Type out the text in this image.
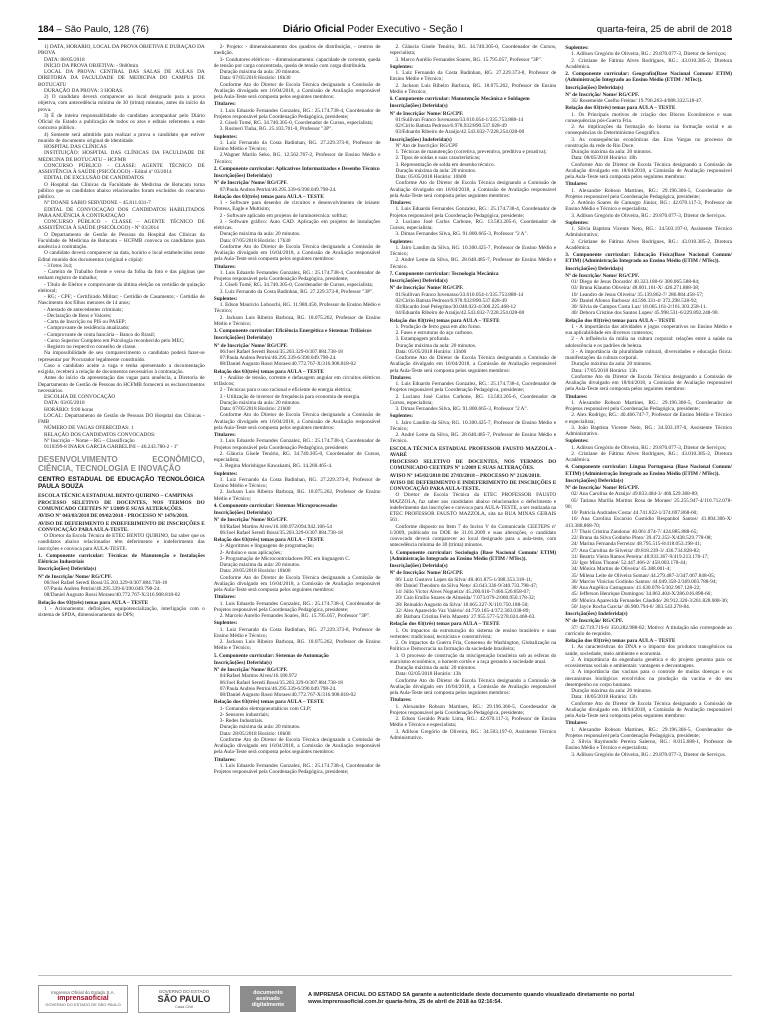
184 – São Paulo, 128 (76)	Diário Oficial Poder Executivo - Seção I	quarta-feira, 25 de abril de 2018

1) DATA, HORÁRIO, LOCAL DA PROVA OBJETIVA E DURAÇÃO DA PROVA

DATA: 08/05/2018

INÍCIO DA PROVA OBJETIVA: - 9h00min

LOCAL DA PROVA: CENTRAL DAS SALAS DE AULAS DA DIRETORIA DA FACULDADE DE MEDICINA DO CAMPUS DE BOTUCATU

DURAÇÃO DA PROVA: 3 HORAS.

2) O candidato deverá comparecer ao local designado para a prova objetiva, com antecedência mínima de 30 (trinta) minutos, antes do início da prova.

3) É de inteira responsabilidade do candidato acompanhar pelo Diário Oficial do Estado a publicação de todos os atos e editais referentes a este concurso público.

4) Somente será admitido para realizar a prova o candidato que estiver munido de documento original de identidade.

HOSPITAL DAS CLÍNICAS

INSTITUIÇÃO: HOSPITAL DAS CLÍNICAS DA FACULDADE DE MEDICINA DE BOTUCATU – HCFMB

CONCURSO PÚBLICO - CLASSE: AGENTE TÉCNICO DE ASSISTÊNCIA À SAÚDE (PSICÓLOGO) - Edital nº 03/2014

EDITAL DE EXCLUSÃO DE CANDIDATOS

O Hospital das Clínicas da Faculdade de Medicina de Botucatu torna público que os candidatos abaixo relacionados foram excluídos do concurso público.

Nº DOANE SABIO SERVIDONE – 45.811.031-7

EDITAL DE CONVOCAÇÃO DOS CANDIDATOS HABILITADOS PARA ANUÊNCIA À CONTRATAÇÃO

CONCURSO PÚBLICO - CLASSE – AGENTE TÉCNICO DE ASSISTÊNCIA À SAÚDE (PSICÓLOGO) - Nº 03/2014

O Departamento de Gestão de Pessoas do Hospital das Clínicas da Faculdade de Medicina de Botucatu – HCFMB convoca os candidatos para anuência à contratação.

O candidato deverá comparecer na data, horário e local estabelecidos neste Edital munido dos documentos (original e cópia):

- 3 fotos 3x4;

- Carteira de Trabalho frente e verso da folha da foto e das páginas que tenham registro de trabalho;

- Título de Eleitor e comprovante da última eleição ou certidão de quitação eleitoral;

- RG; - CPF; - Certificado Militar; - Certidão de Casamento; - Certidão de Nascimento dos filhos menores de 14 anos;

- Atestado de antecedentes criminais;

- Declaração de Bens e Valores;

- Carta de Inscrição no PIS ou PASEP;

- Comprovante de residência atualizado;

- Comprovante de conta bancária – Banco do Brasil;

- Curso Superior Completo em Psicologia reconhecido pelo MEC;

- Registro no respectivo conselho de classe.

Na impossibilidade de seu comparecimento o candidato poderá fazer-se representar por Procurador legalmente constituído.

Caso o candidato aceite a vaga e tenha apresentado a documentação exigida, receberá a relação de documentos necessários à contratação.

Antes do início da apresentação das vagas para anuência, a Diretoria de Departamento de Gestão de Pessoas do HCFMB fornecerá os esclarecimentos necessários.

ESCOLHA DE CONVOCAÇÃO

DATA: 03/05/2018

HORÁRIO: 9:00 horas

LOCAL: Departamento de Gestão de Pessoas DO Hospital das Clínicas - FMB

NÚMERO DE VAGAS OFERECIDAS: 1

RELAÇÃO DOS CANDIDATOS CONVOCADOS:

Nº Inscrição – Nome – RG – Classificação

0110399-8 INARA GARCIA GARBELINI – 46.243.780-2 - 1º

DESENVOLVIMENTO ECONÔMICO, CIÊNCIA, TECNOLOGIA E INOVAÇÃO
CENTRO ESTADUAL DE EDUCAÇÃO TECNOLÓGICA PAULA SOUZA

ESCOLA TÉCNICA ESTADUAL BENTO QUIRINO – CAMPINAS

PROCESSO SELETIVO DE DOCENTES, NOS TERMOS DO COMUNICADO CEETEPS Nº 1/2009 E SUAS ALTERAÇÕES.

AVISO Nº 043/03/2018 DE 09/02/2018 - PROCESSO Nº 1476/2018.

AVISO DE DEFERIMENTO E INDEFERIMENTO DE INSCRIÇÕES E CONVOCAÇÃO PARA AULA-TESTE.

O Diretor da Escola Técnica de ETEC BENTO QUIRINO, faz saber que os candidatos abaixo relacionados têm deferimento e indeferimento das inscrições e convoca para AULA-TESTE.

1. Componente curricular: Técnicas de Manutenção e Instalações Elétricas Industriais

Inscrição(ões) Deferida(s)

Nº de Inscrição/ Nome/ RG/CPF.

06/Joel Rafael Seredi Bossi/35.203.329-0/307.884.738-18

07/Paula Andrea Petrini/46.295.339-6/390.049.798-24.

08/Daniel Augusto Rossi Moraes/40.772.767-X/316.908.818-02

Relação dos 03(três) temas para AULA – TESTE

1 - Acionamento: definições, equipotencialização, interligação com o sistema de SPDA, dimensionamento de DPS;

2- Projeto: - dimensionamento dos quadros de distribuição, - centros de medição.

3- Condutores elétricos: - dimensionamento: capacidade de corrente, queda de tensão por carga concentrada, queda de tensão com carga distribuída.

Duração máxima da aula: 20 minutos.

Data: 07/05/2018 Horário: 18h30

Conforme Ato do Diretor de Escola Técnica designando a Comissão de Avaliação divulgado em 16/04/2018, a Comissão de Avaliação responsável pela Aula-Teste será composta pelos seguintes membros:

Titulares:

1. Luis Eduardo Fernandes Gonzalez, RG.: 25.174.738-4, Coordenador de Projetos responsável pela Coordenação Pedagógica, presidente;

2. Giseli Tomé, RG. 34.740.305-0, Coordenador de Cursos, especialista;

3. Rosineri Tiuba, RG. 25.103.701-0, Professor "3P".

Suplentes:

1. Luiz Fernando da Costa Badinhan, RG. 27.229.373-8, Professor de Ensino Médio e Técnico;

2.Wagner Marilo Seko, RG. 12.562.767-2, Professor de Ensino Médio e Técnico;

2. Componente curricular: Aplicativos Informatizados e Desenho Técnico

Inscrição(ões) Deferida(s)

Nº de Inscrição/ Nome/ RG/CPF.

07/Paula Andrea Petrini/46.295.339-6/390.049.798-24.

Relação dos 03(três) temas para AULA – TESTE

1 - Software para desenho de circuitos e desenvolvimento de leiaute: Proteus, Eagle e Multisim;

2 - Software aplicado em projetos de luminotécnica: softluz;

3 - Software gráfico: Auto CAD. Aplicação em projetos de instalações elétricas.

Duração máxima da aula: 20 minutos.

Data: 07/05/2018 Horário: 17h30

Conforme Ato do Diretor de Escola Técnica designando a Comissão de Avaliação divulgado em 16/04/2018, a Comissão de Avaliação responsável pela Aula-Teste será composta pelos seguintes membros:

Titulares:

1. Luis Eduardo Fernandes Gonzalez, RG.: 25.174.738-4, Coordenador de Projetos responsável pela Coordenação Pedagógica, presidente;

2. Giseli Tomé, RG. 34.740.305-0, Coordenador de Cursos, especialista;

3. Luiz Fernando da Costa Badinhan, RG. 27.229.373-8, Professor "3P".

Suplentes:

1. Edson Maurício Loboschi, RG. 11.980.450, Professor de Ensino Médio e Técnico;

2. Jackson Luis Ribeiro Barboza, RG. 18.075.262, Professor de Ensino Médio e Técnico;

3. Componente curricular: Eficiência Energética e Sistemas Trifásicos

Inscrição(ões) Deferida(s)

Nº de Inscrição/ Nome/ RG/CPF.

06/Joel Rafael Seredi Bossi/35.203.329-0/307.884.738-18

07/Paula Andrea Petrini/46.295.339-6/390.049.798-24.

08/Daniel Augusto Rossi Moraes/40.772.767-X/316.908.818-02

Relação dos 03(três) temas para AULA – TESTE

1 - Análise de tensão, corrente e defasagem angular em circuitos elétricos trifásicos;

2 - Técnicas para o uso racional e eficiente de energia elétrica;

3 - Utilização de inversor de frequência para economia de energia.

Duração máxima da aula: 20 minutos.

Data: 07/05/2018 Horário: 21h00

Conforme Ato do Diretor de Escola Técnica designando a Comissão de Avaliação divulgado em 16/04/2018, a Comissão de Avaliação responsável pela Aula-Teste será composta pelos seguintes membros:

Titulares:

1. Luis Eduardo Fernandes Gonzalez, RG.: 25.174.738-4, Coordenador de Projetos responsável pela Coordenação Pedagógica, presidente;

2. Gláucia Gisele Tenório, RG. 34.740.305-0, Coordenador de Cursos, especialista;

3. Regina Morishigue Kawakami, RG. 14.260.465-4.

Suplentes:

1. Luiz Fernando da Costa Badinhan, RG. 27.229.373-8, Professor de Ensino Médio e Técnico;

2. Jackson Luis Ribeiro Barboza, RG. 18.075.262, Professor de Ensino Médio e Técnico;

4. Componente curricular: Sistemas Microprocessados

Inscrição(ões) Deferida(s)

Nº de Inscrição/ Nome/ RG/CPF.

04/Rafael Martins Alves/16.180.972/094.942.106-54

06/Joel Rafael Seredi Bossi/35.203.329-0/307.884.738-18

Relação dos 03(três) temas para AULA – TESTE

1- Algoritmos e linguagens de programação;

2- Arduino e suas aplicações;

3- Programação de Microcontroladores PIC em linguagem C.

Duração máxima da aula: 20 minutos.

Data: 28/05/2018 Horário: 18h00

Conforme Ato do Diretor de Escola Técnica designando a Comissão de Avaliação divulgado em 16/04/2018, a Comissão de Avaliação responsável pela Aula-Teste será composta pelos seguintes membros:

Titulares:

1. Luis Eduardo Fernandes Gonzalez, RG.: 25.174.738-4, Coordenador de Projetos responsável pela Coordenação Pedagógica, presidente;

2. Marcelo Aurelio Fernandes Soares, RG. 15.795.057, Professor "3P".

Suplentes:

1. Luiz Fernando da Costa Badinhan, RG. 27.229.373-8, Professor de Ensino Médio e Técnico;

2. Jackson Luis Ribeiro Barboza, RG. 18.075.262, Professor de Ensino Médio e Técnico;

5. Componente curricular: Sistemas de Automação

Inscrição(ões) Deferida(s)

Nº de Inscrição/ Nome/ RG/CPF.

04/Rafael Martins Alves/16.180.972

06/Joel Rafael Seredi Bossi/35.203.329-0/307.884.738-18

07/Paula Andrea Petrini/46.295.339-6/390.049.798-24.

08/Daniel Augusto Rossi Moraes/40.772.767-X/316.908.818-02

Relação dos 03(três) temas para AULA – TESTE

1- Comandos eletropneumáticos com CLP;

2- Sensores industriais;

3- Redes Industriais.

Duração máxima da aula: 20 minutos.

Data: 28/05/2018 Horário: 18h00

Conforme Ato do Diretor de Escola Técnica designando a Comissão de Avaliação divulgado em 16/04/2018, a Comissão de Avaliação responsável pela Aula-Teste será composta pelos seguintes membros:

Titulares:

1. Luis Eduardo Fernandes Gonzalez, RG.: 25.174.738-4, Coordenador de Projetos responsável pela Coordenação Pedagógica, presidente;

2. Gláucia Gisele Tenório, RG. 34.740.305-0, Coordenador de Cursos, especialista;

3. Marco Aurélio Fernandes Soares, RG. 15.795.057, Professor "3P".

Suplentes:

1. Luiz Fernando da Costa Badinhan, RG. 27.229.373-8, Professor de Ensino Médio e Técnico;

2. Jackson Luis Ribeiro Barboza, RG. 18.075.262, Professor de Ensino Médio e Técnico;

6. Componente curricular: Manutenção Mecânica e Soldagem

Inscrição(ões) Deferida(s)

Nº de Inscrição/ Nome/ RG/CPF.

01/Sullivan Franco Iuvenasso/33.610.054-1/335.753.888-14

02/Cirilo Batista Pedroso/6.978.932/890.537.028-49

03/Eduardo Ribeiro de Araújo/42.543.032-7/228.254.028-00

Inscrição(ões) Indeferida(s)

Nº Ato de Inscrição/ RG/CPF

1. Técnicas de manutenção (corretiva, preventiva, preditiva e proativa);

2. Tipos de soldas e suas características;

3. Representação de solda em desenho técnico.

Duração máxima da aula: 20 minutos.

Data: 05/05/2018 Horário: 10h00

Conforme Ato do Diretor de Escola Técnica designando a Comissão de Avaliação divulgado em 16/04/2018, a Comissão de Avaliação responsável pela Aula-Teste será composta pelos seguintes membros:

Titulares:

1. Luis Eduardo Fernandes Gonzalez, RG.: 25.174.738-4, Coordenador de Projetos responsável pela Coordenação Pedagógica, presidente;

2. Luciano José Carlos Carbone, RG. 13.583.205-6, Coordenador de Cursos, especialista;

3. Dimas Fernandes Silva, RG. 91.800.665-3, Professor "2 A".

Suplentes:

1. Jairo Landim da Silva, RG. 10.300.425-7, Professor de Ensino Médio e Técnico;

2. André Leme da Silva, RG. 28.648.485-7, Professor de Ensino Médio e Técnico.

7. Componente curricular: Tecnologia Mecânica

Inscrição(ões) Deferida(s)

Nº de Inscrição/ Nome/ RG/CPF.

01/Sullivan Franco Iuvenasso/33.610.054-1/335.753.888-14

02/Cirilo Batista Pedroso/6.978.932/890.537.028-49

03/Ricardo José Pelegrino/30.048.023-4/300.225.468-12

04/Eduardo Ribeiro de Araújo/42.543.032-7/228.254.028-00

Relação dos 03(três) temas para AULA – TESTE

1. Produção de ferro gusa em alto forno.

2. Fases e estruturas do aço carbono.

3. Estampagem profunda.

Duração máxima da aula: 20 minutos.

Data: 05/05/2018 Horário: 13h00

Conforme Ato do Diretor de Escola Técnica designando a Comissão de Avaliação divulgado em 16/04/2018, a Comissão de Avaliação responsável pela Aula-Teste será composta pelos seguintes membros:

Titulares:

1. Luis Eduardo Fernandes Gonzalez, RG.: 25.174.738-4, Coordenador de Projetos responsável pela Coordenação Pedagógica, presidente;

2. Luciano José Carlos Carbone, RG. 13.583.205-6, Coordenador de Cursos, especialista;

3. Dimas Fernandes Silva, RG. 91.800.665-3, Professor "2 A".

Suplentes:

1. Jairo Landim da Silva, RG. 10.300.425-7, Professor de Ensino Médio e Técnico;

2. André Leme da Silva, RG. 28.648.485-7, Professor de Ensino Médio e Técnico.

ESCOLA TÉCNICA ESTADUAL PROFESSOR FAUSTO MAZZOLA - AVARÉ

PROCESSO SELETIVO DE DOCENTES, NOS TERMOS DO COMUNICADO CEETEPS Nº 1/2009 E SUAS ALTERAÇÕES.

AVISO Nº 145/02/2018 DE 27/03/2018 – PROCESSO Nº 2126/2018.

AVISO DE DEFERIMENTO E INDEFERIMENTO DE INSCRIÇÕES E CONVOCAÇÃO PARA AULA-TESTE.

O Diretor de Escola Técnica da ETEC PROFESSOR FAUSTO MAZZOLA, faz saber aos candidatos abaixo relacionados o deferimento e indeferimento das inscrições e convoca para AULA-TESTE, a ser realizada na ETEC PROFESSOR FAUSTO MAZZOLA, sita na RUA MINAS GERAIS 561.

Conforme disposto no Item 7 do Inciso V do Comunicado CEETEPS nº 1/2009, publicado no DOE de 31.01.2009 e suas alterações, o candidato convocado deverá comparecer ao local designado para a aula-teste, com antecedência mínima de 30 (trinta) minutos.

1. Componente curricular: Sociologia (Base Nacional Comum/ ETIM) (Administração Integrado ao Ensino Médio (ETIM / MTec)).

Inscrição(ões) Deferida(s)

Nº de Inscrição/ Nome/ RG/CPF.

06/ Luiz Gustavo Lopes da Silva/ 48.461.875-1/388.353.318-11;

08/ Daniel Theodoro da Silva Neto/ 43.643.336-9/340.733.798-47;

14/ Júlio Victor Alves Nogueira/ 45.200.610-7/466.526.858-07;

20/ Caio Emílio Soares de Almeida/ 7.073.079-2/060.950.178-32;

28/ Reinaldo Augusto da Silva/ 18.665.327-X/110.750.188-50;

32/ Alex Aparecido Vaz Valério/ 44.759.165-4/372.303.038-89;

48/ Bárbara Cristina Felix Mazetti/ 27.955.577-5/278.024.468-03.

Relação dos 03(três) temas para AULA – TESTE

1. Os impactos da estruturação do sistema de ensino brasileiro e suas vertentes: tradicional, tecnicista e construtivista;

2. Os impactos da Guerra Fria, Consenso de Washington, Globalização na Política e Democracia na formação da sociedade brasileira;

3. O processo de construção da miscigenação brasileira sob as esferas do marxismo econômico, o homem cortês e a raça gerando a sociedade atual.

Duração máxima da aula: 20 minutos.

Data: 02/05/2018 Horário: 13h

Conforme Ato do Diretor de Escola Técnica designando a Comissão de Avaliação divulgado em 16/04/2018, a Comissão de Avaliação responsável pela Aula-Teste será composta pelos seguintes membros:

Titulares:

1. Alexandre Robson Martines, RG.: 29.196.366-5, Coordenador de Projetos responsável pela Coordenação Pedagógica, presidente;

2. Edson Geraldo Prado Lima, RG.: 42.670.117-3, Professor de Ensino Médio e Técnico e especialista;

3. Adilson Gregório de Oliveira, RG.: 34.503.197-0, Assistente Técnico Administrativo.

Suplentes:

1. Adilson Gregório de Oliveira, RG.: 29.870.077-3, Diretor de Serviços;

2. Cristiane de Fátima Alves Rodrigues, RG.: 43.010.385-2, Diretora Acadêmica.

2. Componente curricular: Geografia(Base Nacional Comum/ ETIM) (Administração Integrado ao Ensino Médio (ETIM / MTec)).

Inscrição(ões) Deferida(s)

Nº de Inscrição/ Nome/ RG/CPF.

35/ Rosemeide Coelho Freitas/ 19.796.263-4/088.332.518-47.

Relação dos 03(três) temas para AULA – TESTE

1. Os Principais motivos de criação dos Blocos Econômicos e suas consequências pós-Guerra Fria.

2. As implicações da formação do bioma na formação social e as consequências do Determinismo Geográfico.

3. As consequências econômicas das Eras Vargas no processo de construção da rede do Rio Doce.

Duração máxima da aula: 20 minutos.

Data: 08/05/2018 Horário: 18h

Conforme Ato do Diretor de Escola Técnica designando a Comissão de Avaliação divulgado em 18/04/2018, a Comissão de Avaliação responsável pela Aula-Teste será composta pelos seguintes membros:

Titulares:

1. Alexandre Robson Martines, RG.: 29.196.366-5, Coordenador de Projetos responsável pela Coordenação Pedagógica, presidente;

2. Antônio Soares de Camargo Júnior, RG.: 42.670.117-3, Professor de Ensino Médio e Técnico e especialista;

3. Adilson Gregório de Oliveira, RG.: 29.870.077-3, Diretor de Serviços.

Suplentes:

1. Silvia Baptista Vicente Neto, RG.: 34.503.197-0, Assistente Técnico Administrativo;

2. Cristiane de Fátima Alves Rodrigues, RG.: 43.010.385-2, Diretora Acadêmica.

3. Componente curricular: Educação Física(Base Nacional Comum/ ETIM) (Administração Integrado ao Ensino Médio (ETIM / MTec)).

Inscrição(ões) Deferida(s)

Nº de Inscrição/ Nome/ RG/CPF.

01/ Diego de Jesus Docardo/ 40.323.180-6/ 380.065.588-84;

03/ Bruna Klaumn Oliveira/ 48.001.161-X/ 426.271.888-38;

10/ Leandro de Jesus Oliveira/ 35.139.862-7/ 286.884.458-57;

26/ Daniel Afonso Barbosa/ 44.596.331-4/ 372.298.538-92;

30/ Silvia de Campos Costa Luz/ 18.065.161-2/161.303.258-11.

40/ Debora Cristine dos Santos Lopes/ 45.998.531-6/229.892.248-90.

Relação dos 03(três) temas para AULA – TESTE

1 - A importância das atividades e jogos cooperativos no Ensino Médio e sua aplicabilidade em diversos contextos;

2 - A influência da mídia na cultura corporal: relações entre a saúde na adolescência e os padrões de beleza.

3 - A importância da pluralidade cultural, diversidades e educação física: manifestações da cultura corporal.

Duração máxima da aula: 20 minutos.

Data: 17/05/2018 Horário: 13h

Conforme Ato do Diretor de Escola Técnica designando a Comissão de Avaliação divulgado em 18/04/2018, a Comissão de Avaliação responsável pela Aula-Teste será composta pelos seguintes membros:

Titulares:

1. Alexandre Robson Martines, RG.: 29.196.366-5, Coordenador de Projetos responsável pela Coordenação Pedagógica, presidente;

2. Alex Rodrigo, RG.: 40.466.747-7, Professor de Ensino Médio e Técnico e especialista;

3. João Baptista Vicente Neto, RG.: 34.503.197-0, Assistente Técnico Administrativo.

Suplentes:

1. Adilson Gregório de Oliveira, RG.: 29.870.077-3, Diretor de Serviços;

2. Cristiane de Fátima Alves Rodrigues, RG.: 43.010.385-2, Diretora Acadêmica.

4. Componente curricular: Língua Portuguesa (Base Nacional Comum/ ETIM) (Administração Integrado ao Ensino Médio (ETIM / MTec)).

Inscrição(ões) Deferida(s)

Nº de Inscrição/ Nome/ RG/CPF.

02/ Ana Carolina de Araújo/ 49.833.484-3/ 460.529.368-89;

05/ Tatiana Marília Martins Rosa de Moraes/ 25.255.947-4/110.712.078-90;

10/ Patricia Andrades Costa/ 44.741.822-1/374.697.868-60;

16/ Ana Carolina Escarsio Custódio Respanhol Santos/ 41.804.306-X/ 413.388.868-70;

17/ Thais Cristina Zandona/ 40.061.074-7/ 424.885.888-65;

22/ Bruna da Silva Godinho Pinto/ 39.472.352-X/438.529.778-08;

24/ Marina Fernanda Ferreira/ 48.795.515-8/418.053.198-41;

27/ Ana Carolina de Silveira/ 49.818.239-3/ 436.734.828-82;

31/ Beatriz Vieira Ramos Pereira/ 48.933.367-9/419.213.178-17;

33/ Igor Miras Thomé/ 52.447.466-2/ 458.003.178-44;

34/ Mônica Martins de Oliveira/ 45.388.001-4;

35/ Milena Leite de Oliveira Soman/ 44.279.487-3/347.067.848-05;

36/ Marcos Vinicius Godinho Santos/ 44.049.358-2/369.003.788-94;

38/ Ana Angélica Castagnaro/ 41.630.078-5/302.967.128-22;

45/ Jefferson Henrique Domingos/ 34.863.404-X/286.016.898-66;

49/ Mônica Aparecida Fernandes Cândido/ 28.912.320-3/261.828.008-36;

50/ Jayce Rocha Garcia/ 46.900.794-6/ 383.543.278-84.

Inscrição(ões) Indeferida(s)

Nº de Inscrição/ RG/CPF.

37/ 42.719.719-6/ 350.282.988-82; Motivo: A titulação não corresponde ao currículo de requisito.

Relação dos 03(três) temas para AULA – TESTE

1. As características do DNA e o impacto dos produtos transgênicos na saúde, sociedade, meio ambiente e economia.

2. A importância da engenharia genética e do projeto genoma para os ecossistemas sociais e ambientais: vantagens e desvantagens.

3. A importância das vacinas para o controle de muitas doenças e os mecanismos biológicos envolvidos na produção da vacina e do seu desempenho no corpo humano.

Duração máxima da aula: 20 minutos.

Data: 18/05/2018 Horário: 13h

Conforme Ato do Diretor de Escola Técnica designando a Comissão de Avaliação divulgado em 18/04/2018, a Comissão de Avaliação responsável pela Aula-Teste será composta pelos seguintes membros:

Titulares:

1. Alexandre Robson Martines, RG.: 29.196.366-5, Coordenador de Projetos responsável pela Coordenação Pedagógica, presidente;

2. Sílvia Raymundo Pereira Salerno, RG.: 8.015.688-1, Professor de Ensino Médio e Técnico e especialista;

3. Adilson Gregório de Oliveira, RG.: 29.870.077-3, Diretor de Serviços.

Imprensa Oficial do Estado S.A.
imprensaoficial
GOVERNO DO ESTADO DE SÃO PAULO
GOVERNO DO ESTADO
SÃO PAULO
Casa Civil
documento
assinado
digitalmente
A IMPRENSA OFICIAL DO ESTADO SA garante a autenticidade deste documento quando visualizado diretamente no portal www.imprensaoficial.com.br quarta-feira, 25 de abril de 2018 às 02:16:54.
